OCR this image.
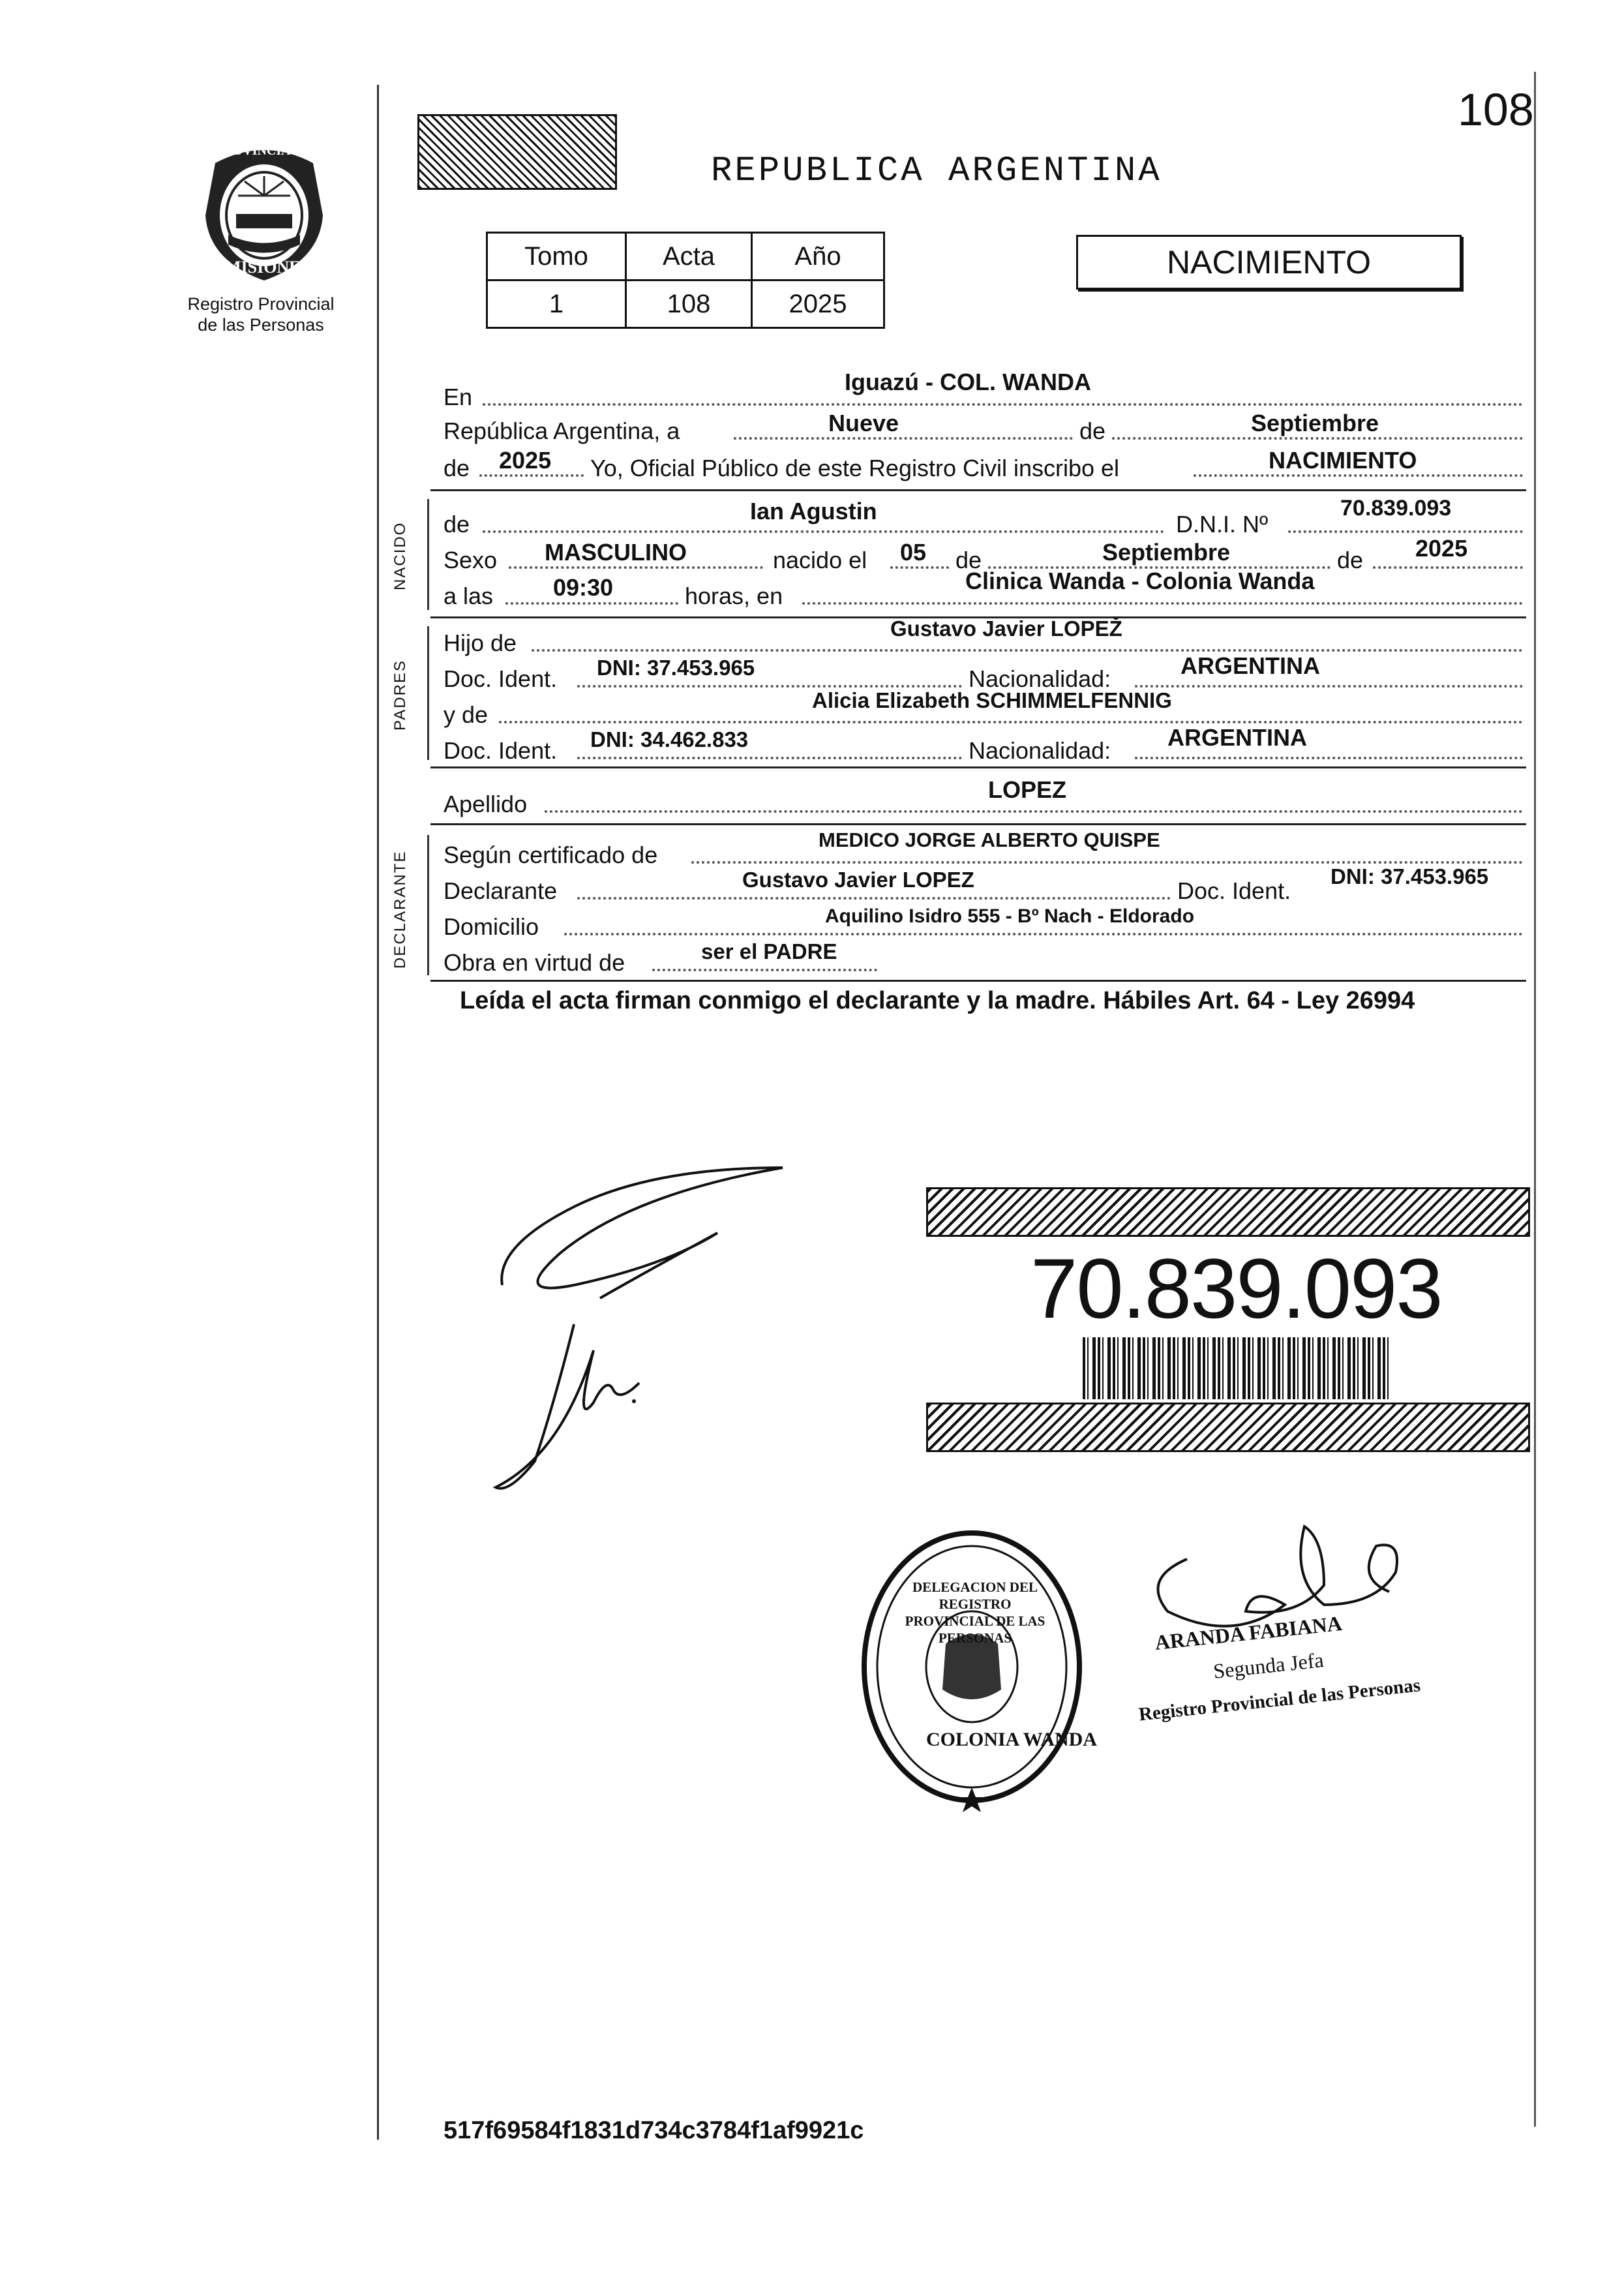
PROVINCIA DE
MISIONES
Registro Provincial
de las Personas
REPUBLICA ARGENTINA
108
Tomo	Acta	Año
1	108	2025
NACIMIENTO
En
Iguazú - COL. WANDA
República Argentina, a	Nueve	de	Septiembre
de 2025 Yo, Oficial Público de este Registro Civil inscribo el	NACIMIENTO
NACIDO de	Ian Agustin	D.N.I. Nº
70.839.093
Sexo MASCULINO	nacido el 05 de	Septiembre	de 2025
a las	09:30	horas, en
Clinica Wanda - Colonia Wanda
PADRES
Hijo de
Gustavo Javier LOPEŽ
Doc. Ident. DNI: 37.453.965	Nacionalidad:	ARGENTINA
y de
Alicia Elizabeth SCHIMMELFENNIG
Doc. Ident. DNI: 34.462.833	Nacionalidad: ARGENTINA
Apellido
LOPEZ
DECLARANTE Según certificado de
MEDICO JORGE ALBERTO QUISPE
Declarante	Gustavo Javier LOPEZ	Doc. Ident.
DNI: 37.453.965
Domicilio	Aquilino Isidro 555 - Bº Nach - Eldorado
Obra en virtud de	ser el PADRE
Leída el acta firman conmigo el declarante y la madre. Hábiles Art. 64 - Ley 26994
70.839.093
DELEGACION DEL REGISTRO PROVINCIAL DE LAS PERSONAS
COLONIA WANDA
ARANDA FABIANA
Segunda Jefa
Registro Provincial de las Personas
517f69584f1831d734c3784f1af9921c
